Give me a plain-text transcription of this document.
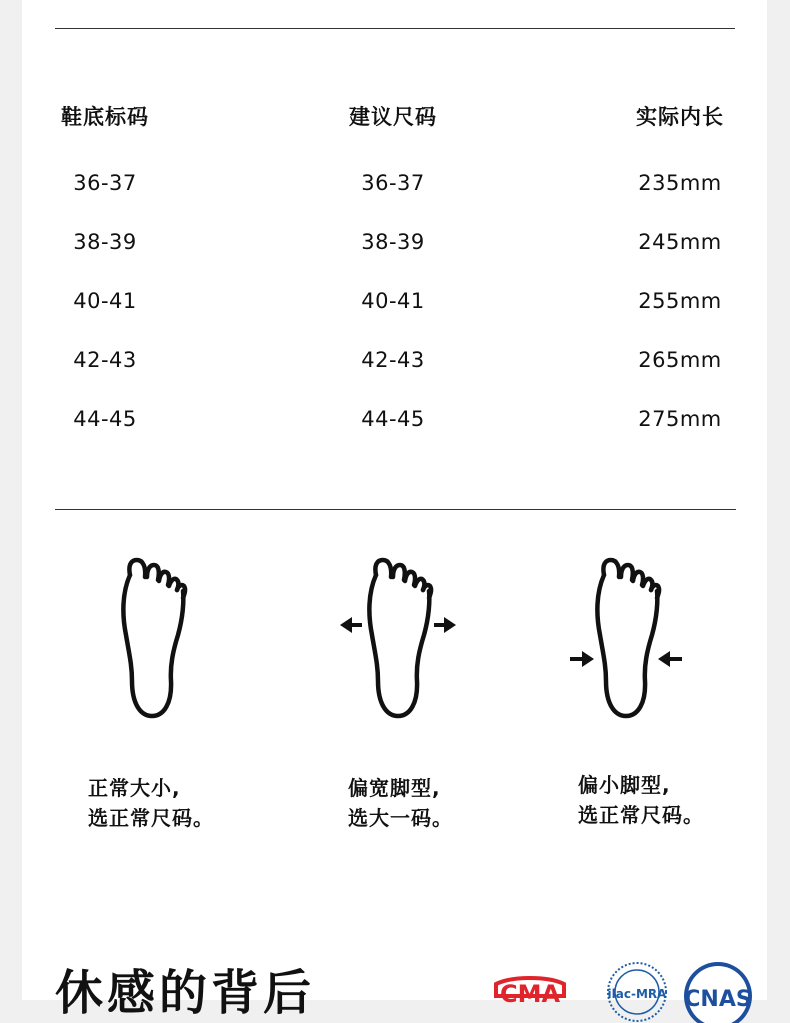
鞋底标码	建议尺码	实际内长
36-37	36-37	235mm
38-39	38-39	245mm
40-41	40-41	255mm
42-43	42-43	265mm
44-45	44-45	275mm
正常大小,
选正常尺码。
偏宽脚型,
选大一码。
偏小脚型,
选正常尺码。
休感的背后	CMA	ilac-MRA CNAS
